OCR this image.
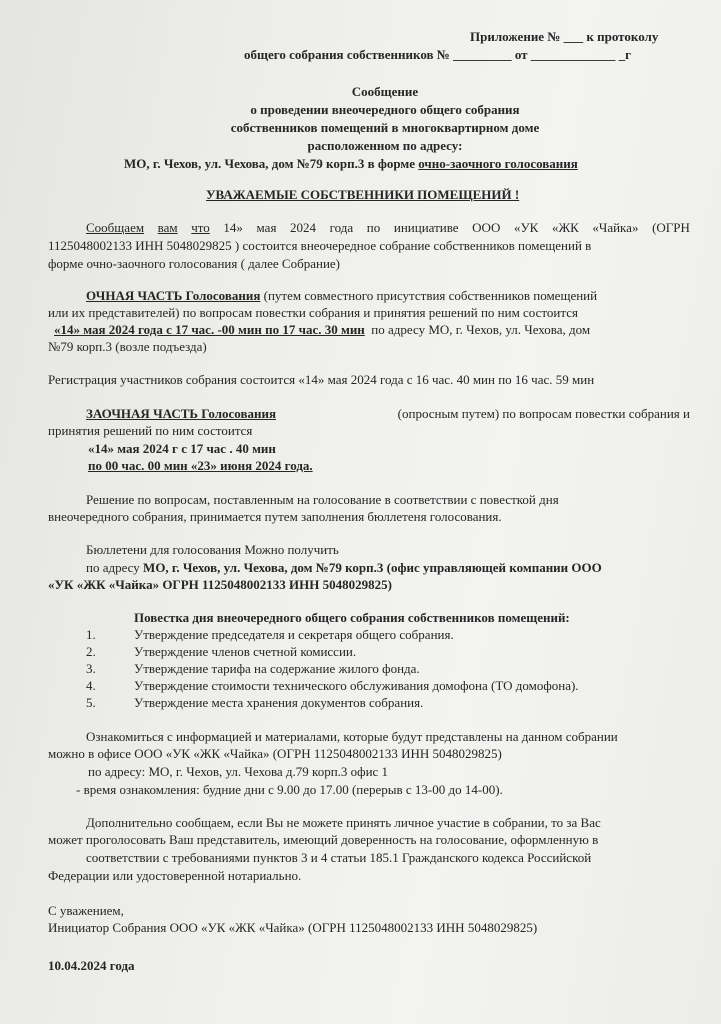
Приложение № ___ к протоколу
общего собрания собственников № _________ от _____________ _г
Сообщение
о проведении внеочередного общего собрания
собственников помещений в многоквартирном доме
расположенном по адресу:
МО, г. Чехов, ул. Чехова, дом №79 корп.3 в форме очно-заочного голосования
УВАЖАЕМЫЕ СОБСТВЕННИКИ ПОМЕЩЕНИЙ !
Сообщаем вам что 14» мая 2024 года по инициативе ООО «УК «ЖК «Чайка» (ОГРН
1125048002133 ИНН 5048029825 ) состоится внеочередное собрание собственников помещений в
форме очно-заочного голосования ( далее Собрание)
ОЧНАЯ ЧАСТЬ Голосования (путем совместного присутствия собственников помещений
или их представителей) по вопросам повестки собрания и принятия решений по ним состоится
«14» мая 2024 года с 17 час. -00 мин по 17 час. 30 мин по адресу МО, г. Чехов, ул. Чехова, дом
№79 корп.3 (возле подъезда)
Регистрация участников собрания состоится «14» мая 2024 года с 16 час. 40 мин по 16 час. 59 мин
ЗАОЧНАЯ ЧАСТЬ Голосования	(опросным путем) по вопросам повестки собрания и
принятия решений по ним состоится
«14» мая 2024 г с 17 час . 40 мин
по 00 час. 00 мин «23» июня 2024 года.
Решение по вопросам, поставленным на голосование в соответствии с повесткой дня
внеочередного собрания, принимается путем заполнения бюллетеня голосования.
Бюллетени для голосования Можно получить
по адресу МО, г. Чехов, ул. Чехова, дом №79 корп.3 (офис управляющей компании ООО
«УК «ЖК «Чайка» ОГРН 1125048002133 ИНН 5048029825)
Повестка дня внеочередного общего собрания собственников помещений:
1.	Утверждение председателя и секретаря общего собрания.
2.	Утверждение членов счетной комиссии.
3.	Утверждение тарифа на содержание жилого фонда.
4.	Утверждение стоимости технического обслуживания домофона (ТО домофона).
5.	Утверждение места хранения документов собрания.
Ознакомиться с информацией и материалами, которые будут представлены на данном собрании
можно в офисе ООО «УК «ЖК «Чайка» (ОГРН 1125048002133 ИНН 5048029825)
по адресу: МО, г. Чехов, ул. Чехова д.79 корп.3 офис 1
- время ознакомления: будние дни с 9.00 до 17.00 (перерыв с 13-00 до 14-00).
Дополнительно сообщаем, если Вы не можете принять личное участие в собрании, то за Вас
может проголосовать Ваш представитель, имеющий доверенность на голосование, оформленную в
соответствии с требованиями пунктов 3 и 4 статьи 185.1 Гражданского кодекса Российской
Федерации или удостоверенной нотариально.
С уважением,
Инициатор Собрания ООО «УК «ЖК «Чайка» (ОГРН 1125048002133 ИНН 5048029825)
10.04.2024 года
